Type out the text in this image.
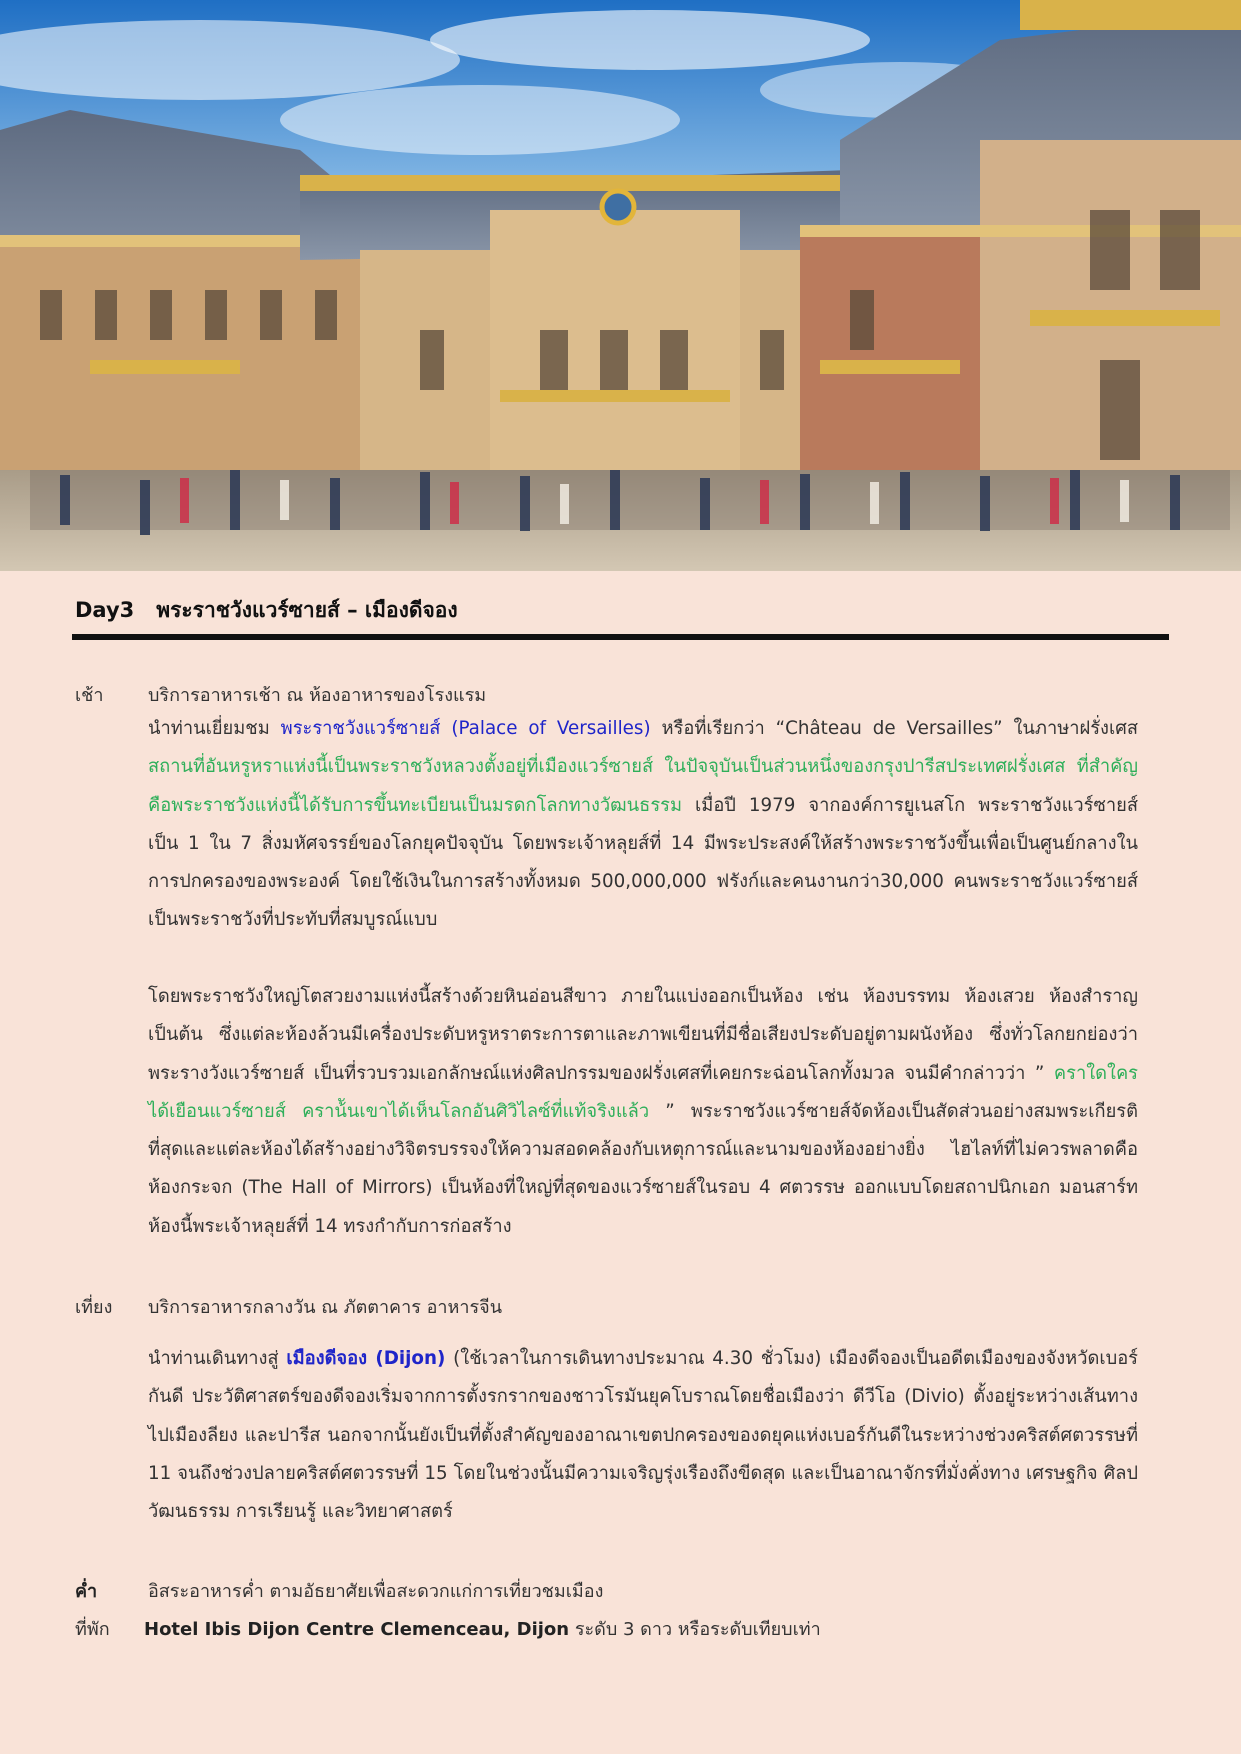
Day3 พระราชวังแวร์ซายส์ – เมืองดีจอง
เช้า บริการอาหารเช้า ณ ห้องอาหารของโรงแรม
นำท่านเยี่ยมชม พระราชวังแวร์ซายส์ (Palace of Versailles) หรือที่เรียกว่า “Château de Versailles” ในภาษาฝรั่งเศส สถานที่อันหรูหราแห่งนี้เป็นพระราชวังหลวงตั้งอยู่ที่เมืองแวร์ซายส์ ในปัจจุบันเป็นส่วนหนึ่งของกรุงปารีสประเทศฝรั่งเศส ที่สำคัญคือพระราชวังแห่งนี้ได้รับการขึ้นทะเบียนเป็นมรดกโลกทางวัฒนธรรม เมื่อปี 1979 จากองค์การยูเนสโก พระราชวังแวร์ซายส์เป็น 1 ใน 7 สิ่งมหัศจรรย์ของโลกยุคปัจจุบัน โดยพระเจ้าหลุยส์ที่ 14 มีพระประสงค์ให้สร้างพระราชวังขึ้นเพื่อเป็นศูนย์กลางในการปกครองของพระองค์ โดยใช้เงินในการสร้างทั้งหมด 500,000,000 ฟรังก์และคนงานกว่า30,000 คนพระราชวังแวร์ซายส์ เป็นพระราชวังที่ประทับที่สมบูรณ์แบบ
โดยพระราชวังใหญ่โตสวยงามแห่งนี้สร้างด้วยหินอ่อนสีขาว ภายในแบ่งออกเป็นห้อง เช่น ห้องบรรทม ห้องเสวย ห้องสำราญ เป็นต้น ซึ่งแต่ละห้องล้วนมีเครื่องประดับหรูหราตระการตาและภาพเขียนที่มีชื่อเสียงประดับอยู่ตามผนังห้อง ซึ่งทั่วโลกยกย่องว่าพระรางวังแวร์ซายส์ เป็นที่รวบรวมเอกลักษณ์แห่งศิลปกรรมของฝรั่งเศสที่เคยกระฉ่อนโลกทั้งมวล จนมีคำกล่าวว่า ” คราใดใครได้เยือนแวร์ซายส์ คราน้ันเขาได้เห็นโลกอันศิวิไลซ์ที่แท้จริงแล้ว ” พระราชวังแวร์ซายส์จัดห้องเป็นสัดส่วนอย่างสมพระเกียรติที่สุดและแต่ละห้องได้สร้างอย่างวิจิตรบรรจงให้ความสอดคล้องกับเหตุการณ์และนามของห้องอย่างยิ่ง ไฮไลท์ที่ไม่ควรพลาดคือ ห้องกระจก (The Hall of Mirrors) เป็นห้องที่ใหญ่ที่สุดของแวร์ซายส์ในรอบ 4 ศตวรรษ ออกแบบโดยสถาปนิกเอก มอนสาร์ท ห้องนี้พระเจ้าหลุยส์ที่ 14 ทรงกำกับการก่อสร้าง
เที่ยง บริการอาหารกลางวัน ณ ภัตตาคาร อาหารจีน
นำท่านเดินทางสู่ เมืองดีจอง (Dijon) (ใช้เวลาในการเดินทางประมาณ 4.30 ชั่วโมง) เมืองดีจองเป็นอดีตเมืองของจังหวัดเบอร์กันดี ประวัติศาสตร์ของดีจองเริ่มจากการตั้งรกรากของชาวโรมันยุคโบราณโดยชื่อเมืองว่า ดีวีโอ (Divio) ตั้งอยู่ระหว่างเส้นทางไปเมืองลียง และปารีส นอกจากนั้นยังเป็นที่ตั้งสำคัญของอาณาเขตปกครองของดยุคแห่งเบอร์กันดีในระหว่างช่วงคริสต์ศตวรรษที่ 11 จนถึงช่วงปลายคริสต์ศตวรรษที่ 15 โดยในช่วงนั้นมีความเจริญรุ่งเรืองถึงขีดสุด และเป็นอาณาจักรที่มั่งคั่งทาง เศรษฐกิจ ศิลปวัฒนธรรม การเรียนรู้ และวิทยาศาสตร์
ค่ำ	อิสระอาหารค่ำ ตามอัธยาศัยเพื่อสะดวกแก่การเที่ยวชมเมือง
ที่พัก Hotel Ibis Dijon Centre Clemenceau, Dijon ระดับ 3 ดาว หรือระดับเทียบเท่า
